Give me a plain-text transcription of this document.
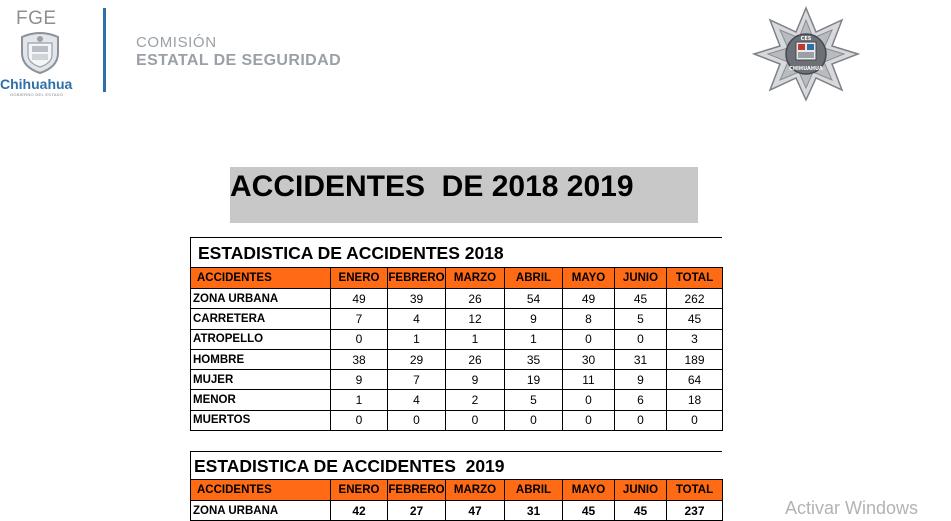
FGE
Chihuahua
GOBIERNO DEL ESTADO
COMISIÓN
ESTATAL DE SEGURIDAD
CES
CHIHUAHUA
ACCIDENTES  DE 2018 2019
ESTADISTICA DE ACCIDENTES 2018
ACCIDENTES	ENERO	FEBRERO	MARZO	ABRIL	MAYO	JUNIO	TOTAL
ZONA URBANA	49	39	26	54	49	45	262
CARRETERA	7	4	12	9	8	5	45
ATROPELLO	0	1	1	1	0	0	3
HOMBRE	38	29	26	35	30	31	189
MUJER	9	7	9	19	11	9	64
MENOR	1	4	2	5	0	6	18
MUERTOS	0	0	0	0	0	0	0
ESTADISTICA DE ACCIDENTES  2019
ACCIDENTES	ENERO	FEBRERO	MARZO	ABRIL	MAYO	JUNIO	TOTAL
ZONA URBANA	42	27	47	31	45	45	237	Activar Windows
